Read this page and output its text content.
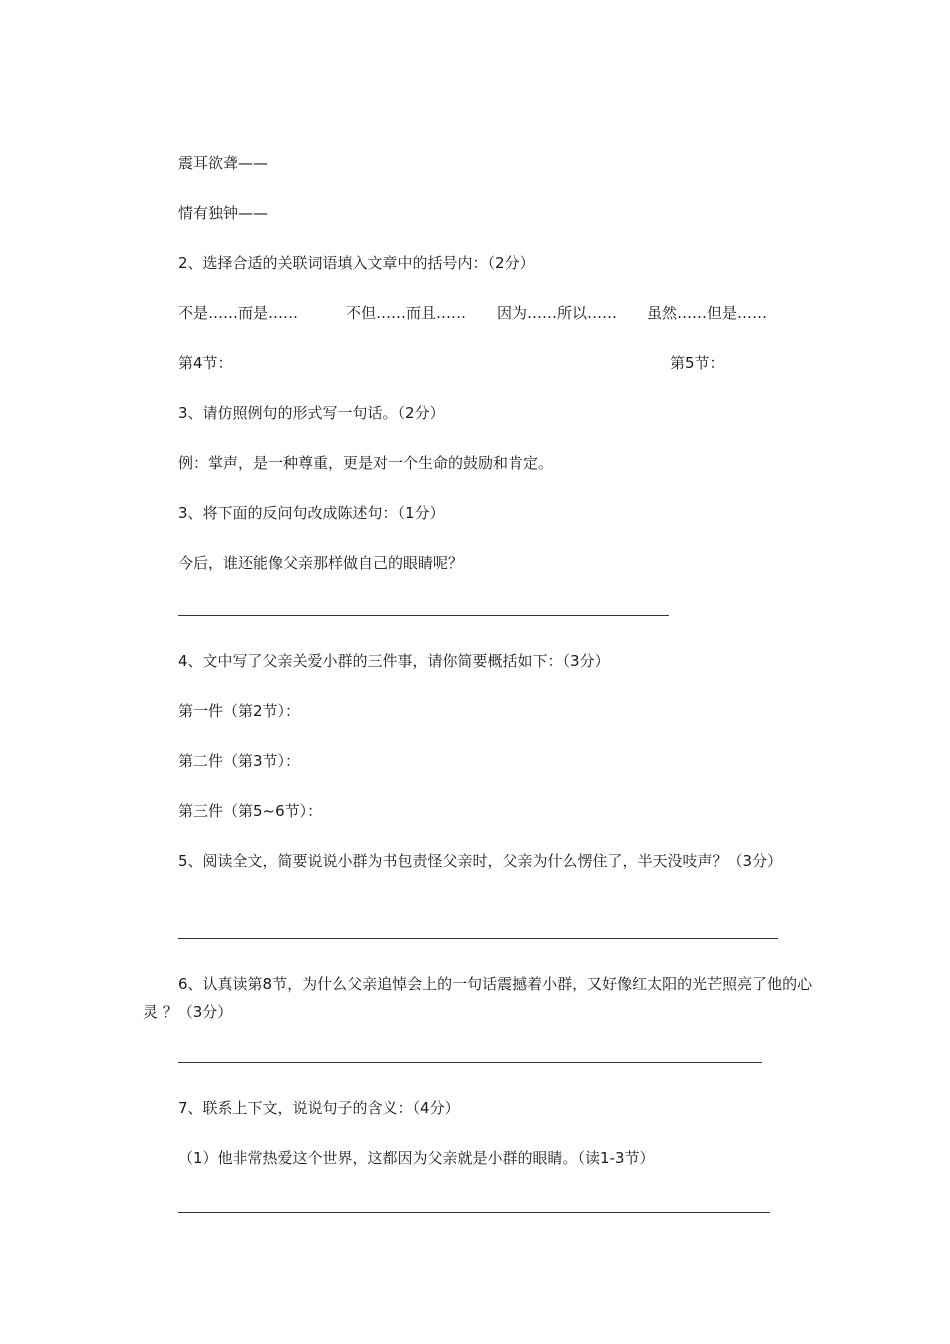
震耳欲聋——
情有独钟——
2、选择合适的关联词语填入文章中的括号内：（2分）
不是……而是……	不但……而且…… 因为……所以…… 虽然……但是……
第4节：	第5节：
3、请仿照例句的形式写一句话。（2分）
例：掌声，是一种尊重，更是对一个生命的鼓励和肯定。
3、将下面的反问句改成陈述句：（1分）
今后，谁还能像父亲那样做自己的眼睛呢？
4、文中写了父亲关爱小群的三件事，请你简要概括如下：（3分）
第一件（第2节）：
第二件（第3节）：
第三件（第5~6节）：
5、阅读全文，简要说说小群为书包责怪父亲时，父亲为什么愣住了，半天没吱声？（3分）
6、认真读第8节，为什么父亲追悼会上的一句话震撼着小群，又好像红太阳的光芒照亮了他的心灵 ？（3分）
7、联系上下文，说说句子的含义：（4分）
（1）他非常热爱这个世界，这都因为父亲就是小群的眼睛。（读1-3节）
